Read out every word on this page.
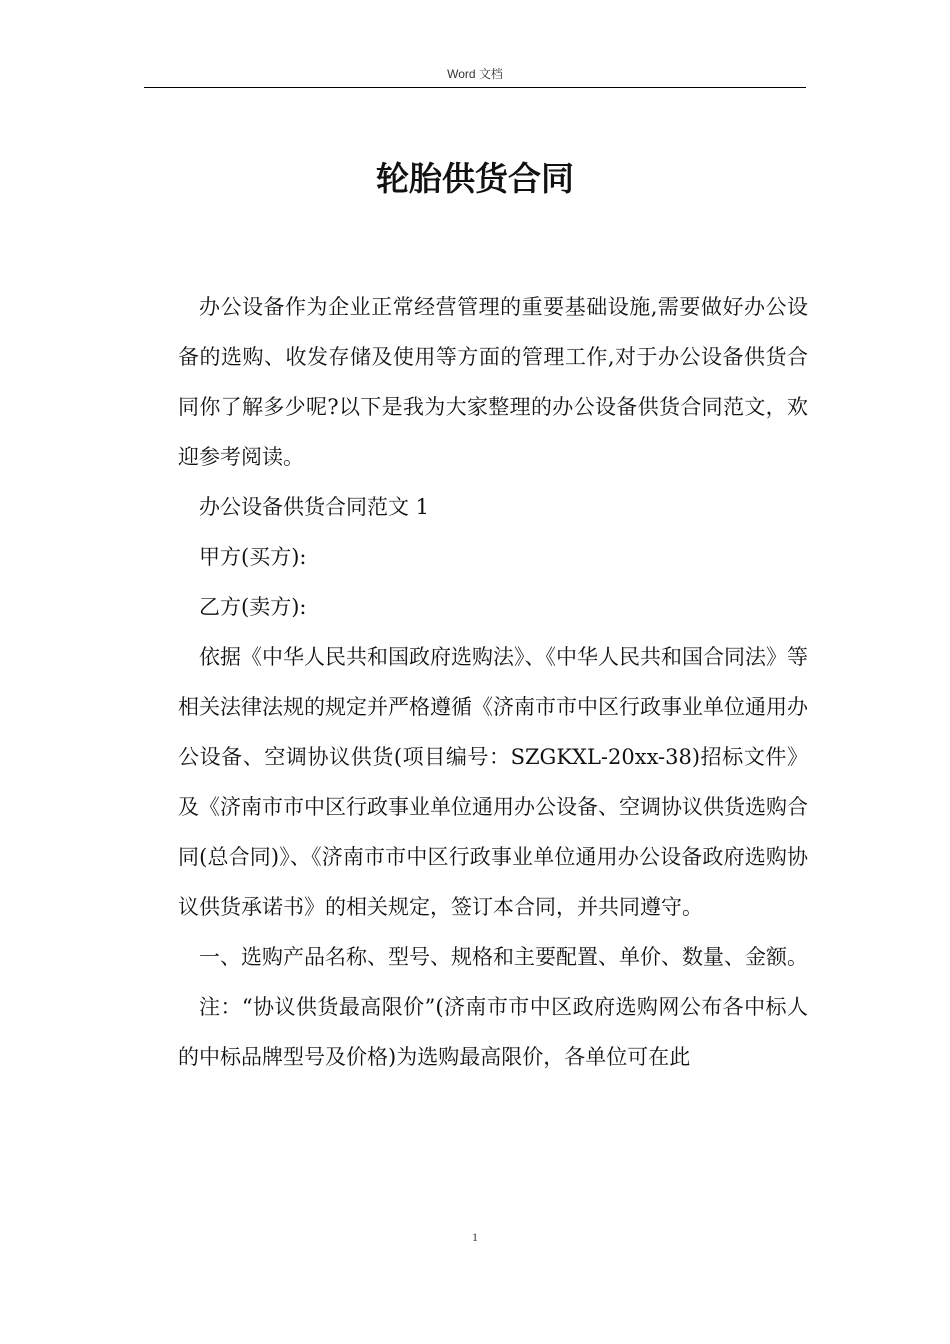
Word 文档
轮胎供货合同

办公设备作为企业正常经营管理的重要基础设施,需要做好办公设备的选购、收发存储及使用等方面的管理工作,对于办公设备供货合同你了解多少呢?以下是我为大家整理的办公设备供货合同范文，欢迎参考阅读。

办公设备供货合同范文 1

甲方(买方):

乙方(卖方):

依据《中华人民共和国政府选购法》、《中华人民共和国合同法》等相关法律法规的规定并严格遵循《济南市市中区行政事业单位通用办公设备、空调协议供货(项目编号：SZGKXL-20xx-38)招标文件》及《济南市市中区行政事业单位通用办公设备、空调协议供货选购合同(总合同)》、《济南市市中区行政事业单位通用办公设备政府选购协议供货承诺书》的相关规定，签订本合同，并共同遵守。

一、选购产品名称、型号、规格和主要配置、单价、数量、金额。

注：“协议供货最高限价”(济南市市中区政府选购网公布各中标人的中标品牌型号及价格)为选购最高限价，各单位可在此

1
